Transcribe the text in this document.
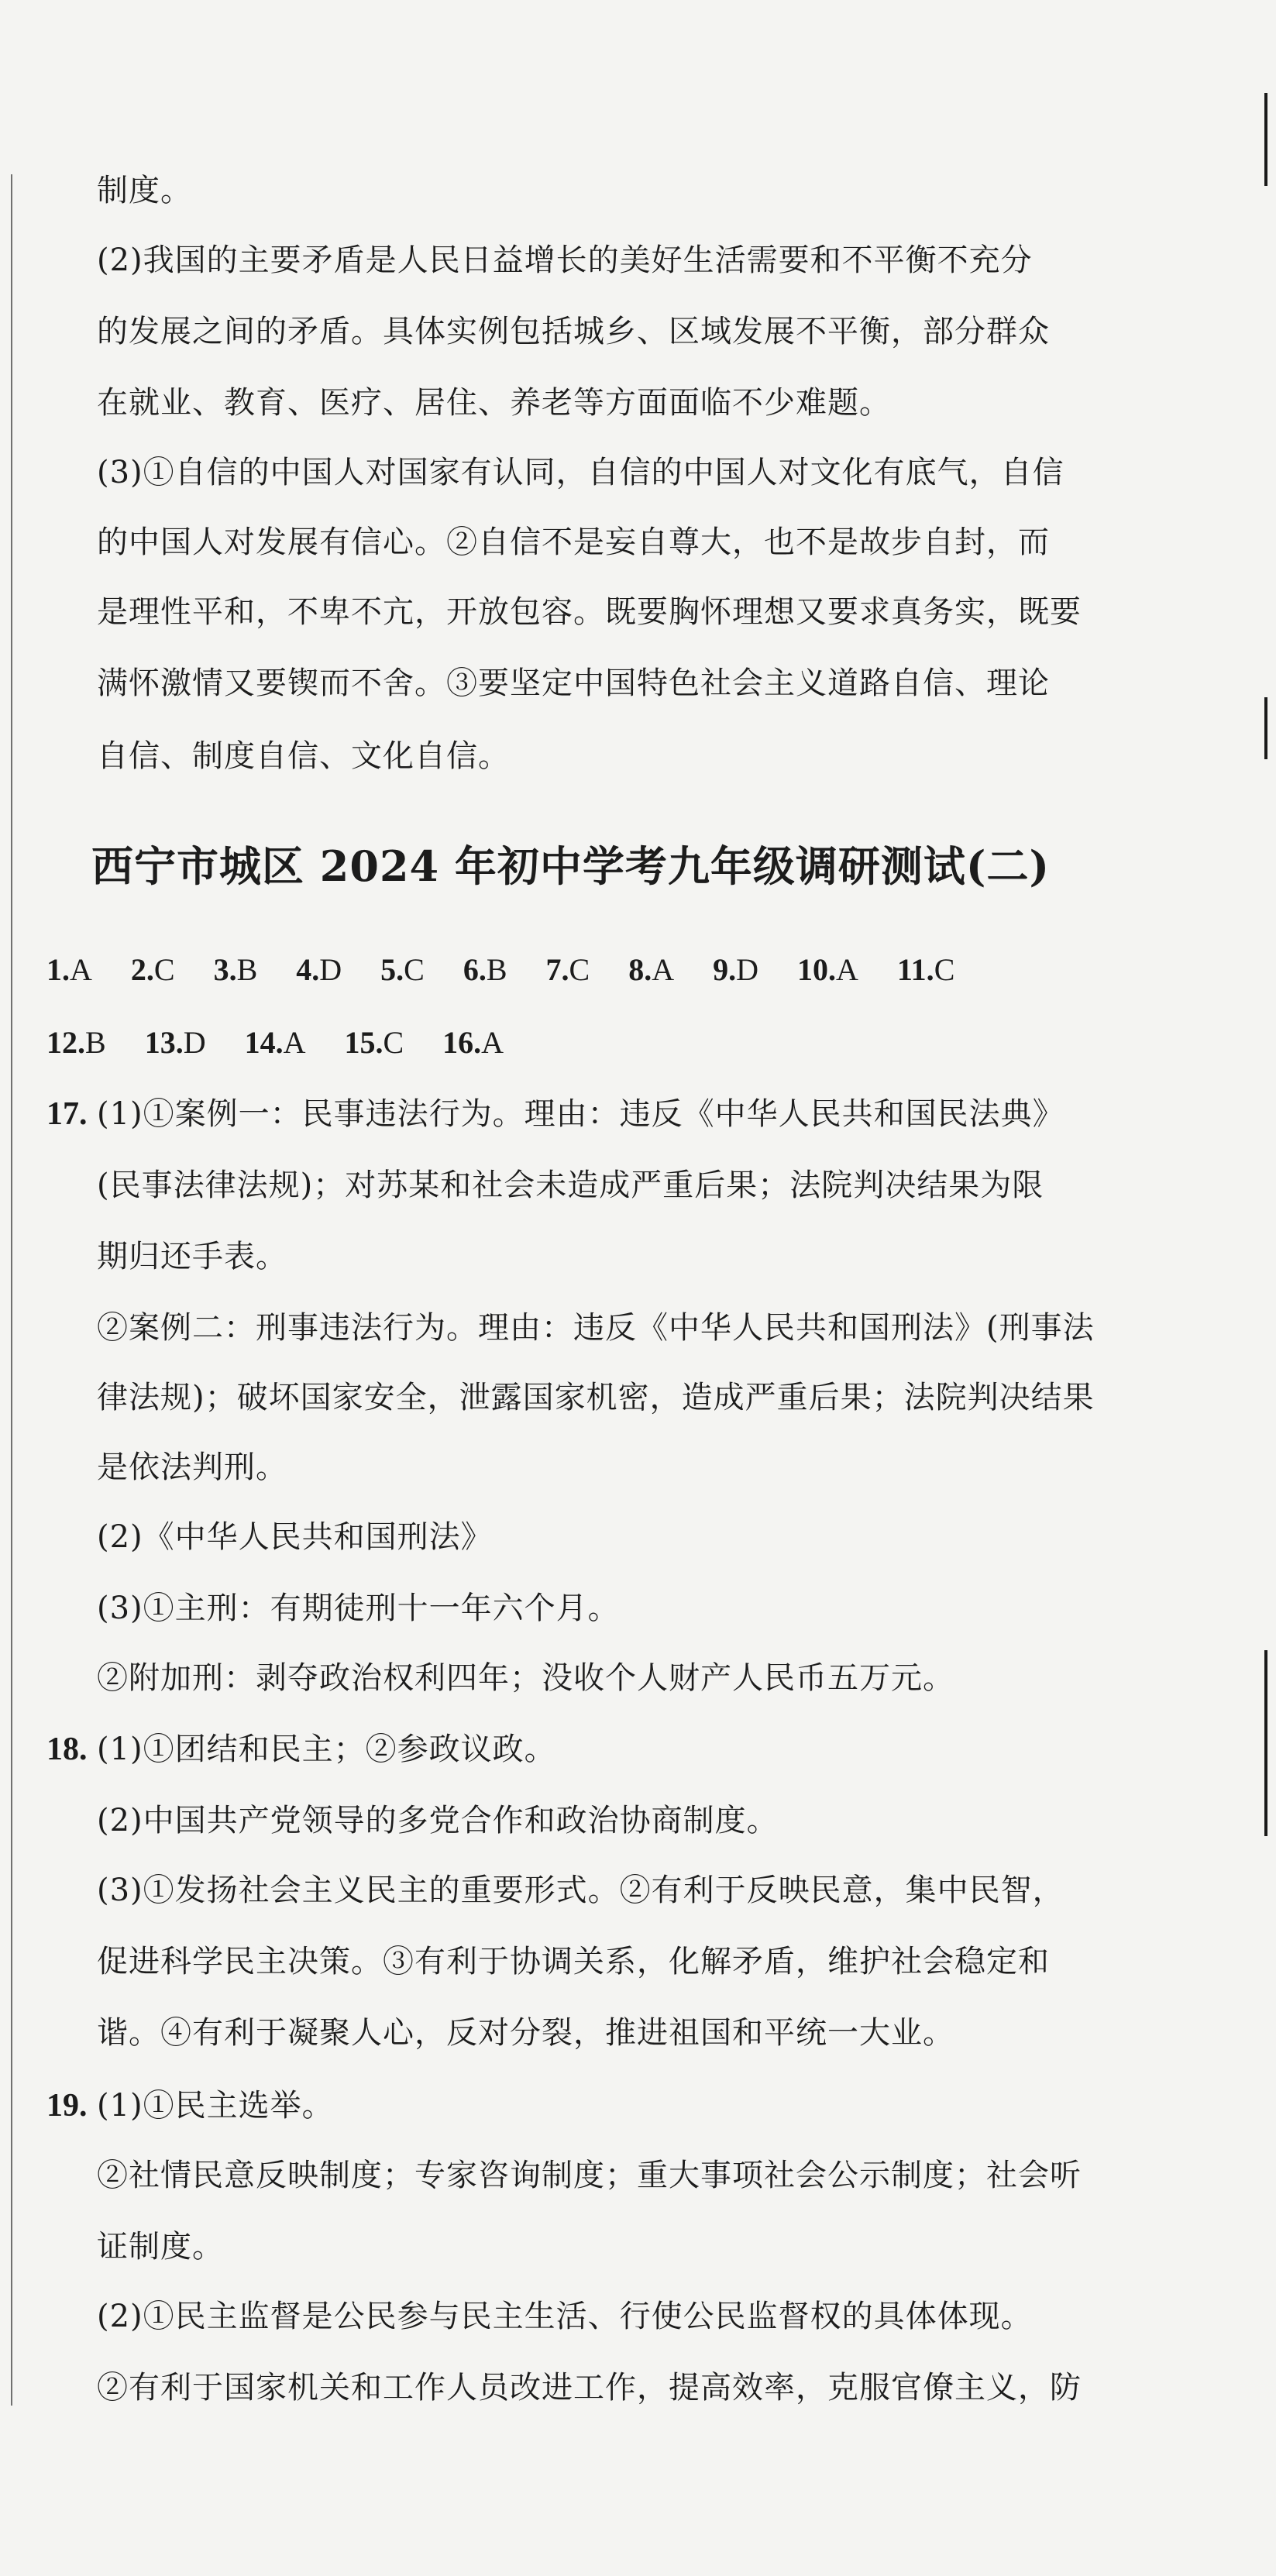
制度。
(2)我国的主要矛盾是人民日益增长的美好生活需要和不平衡不充分
的发展之间的矛盾。具体实例包括城乡、区域发展不平衡，部分群众
在就业、教育、医疗、居住、养老等方面面临不少难题。
(3)①自信的中国人对国家有认同，自信的中国人对文化有底气，自信
的中国人对发展有信心。②自信不是妄自尊大，也不是故步自封，而
是理性平和，不卑不亢，开放包容。既要胸怀理想又要求真务实，既要
满怀激情又要锲而不舍。③要坚定中国特色社会主义道路自信、理论
自信、制度自信、文化自信。
西宁市城区 2024 年初中学考九年级调研测试(二)
1.A 2.C 3.B 4.D 5.C 6.B 7.C 8.A 9.D 10.A 11.C
12.B 13.D 14.A 15.C 16.A
17. (1)①案例一：民事违法行为。理由：违反《中华人民共和国民法典》
(民事法律法规)；对苏某和社会未造成严重后果；法院判决结果为限
期归还手表。
②案例二：刑事违法行为。理由：违反《中华人民共和国刑法》(刑事法
律法规)；破坏国家安全，泄露国家机密，造成严重后果；法院判决结果
是依法判刑。
(2)《中华人民共和国刑法》
(3)①主刑：有期徒刑十一年六个月。
②附加刑：剥夺政治权利四年；没收个人财产人民币五万元。
18. (1)①团结和民主；②参政议政。
(2)中国共产党领导的多党合作和政治协商制度。
(3)①发扬社会主义民主的重要形式。②有利于反映民意，集中民智，
促进科学民主决策。③有利于协调关系，化解矛盾，维护社会稳定和
谐。④有利于凝聚人心，反对分裂，推进祖国和平统一大业。
19. (1)①民主选举。
②社情民意反映制度；专家咨询制度；重大事项社会公示制度；社会听
证制度。
(2)①民主监督是公民参与民主生活、行使公民监督权的具体体现。
②有利于国家机关和工作人员改进工作，提高效率，克服官僚主义，防
